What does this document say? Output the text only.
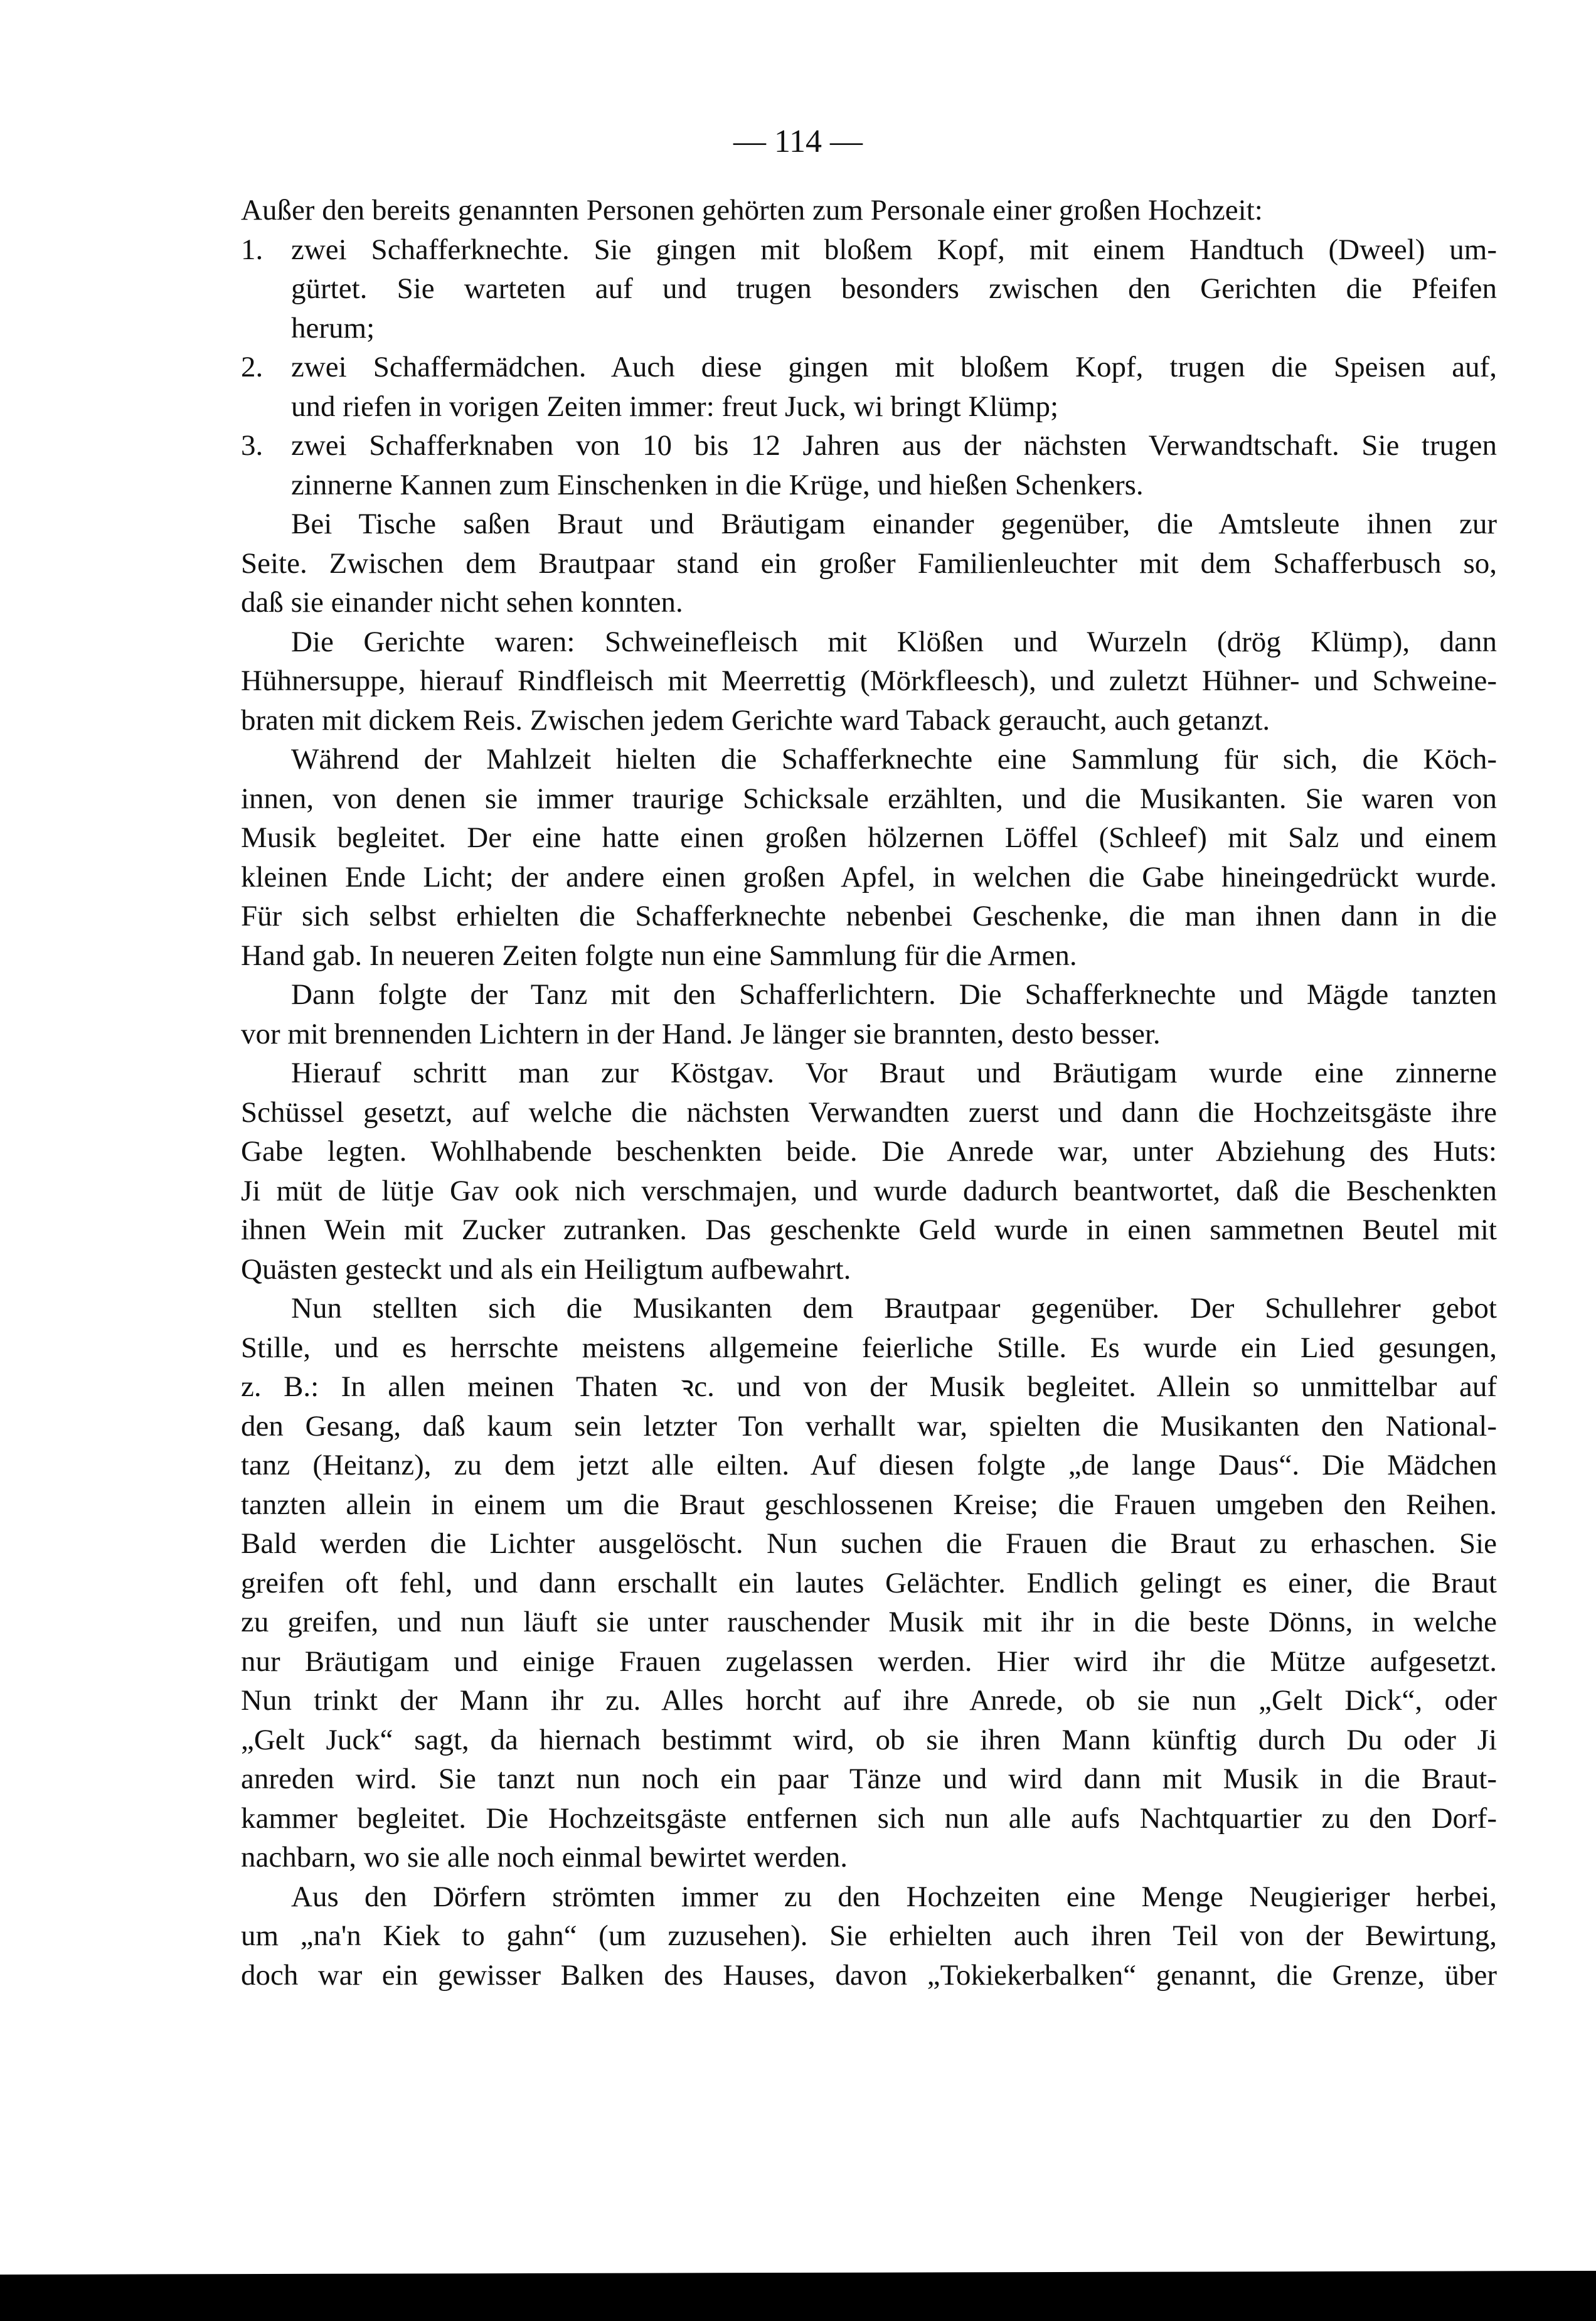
— 114 —
Außer den bereits genannten Personen gehörten zum Personale einer großen Hochzeit:
1. zwei Schafferknechte. Sie gingen mit bloßem Kopf, mit einem Handtuch (Dweel) um-
gürtet. Sie warteten auf und trugen besonders zwischen den Gerichten die Pfeifen
herum;
2. zwei Schaffermädchen. Auch diese gingen mit bloßem Kopf, trugen die Speisen auf,
und riefen in vorigen Zeiten immer: freut Juck, wi bringt Klümp;
3. zwei Schafferknaben von 10 bis 12 Jahren aus der nächsten Verwandtschaft. Sie trugen
zinnerne Kannen zum Einschenken in die Krüge, und hießen Schenkers.
Bei Tische saßen Braut und Bräutigam einander gegenüber, die Amtsleute ihnen zur
Seite. Zwischen dem Brautpaar stand ein großer Familienleuchter mit dem Schafferbusch so,
daß sie einander nicht sehen konnten.
Die Gerichte waren: Schweinefleisch mit Klößen und Wurzeln (drög Klümp), dann
Hühnersuppe, hierauf Rindfleisch mit Meerrettig (Mörkfleesch), und zuletzt Hühner- und Schweine-
braten mit dickem Reis. Zwischen jedem Gerichte ward Taback geraucht, auch getanzt.
Während der Mahlzeit hielten die Schafferknechte eine Sammlung für sich, die Köch-
innen, von denen sie immer traurige Schicksale erzählten, und die Musikanten. Sie waren von
Musik begleitet. Der eine hatte einen großen hölzernen Löffel (Schleef) mit Salz und einem
kleinen Ende Licht; der andere einen großen Apfel, in welchen die Gabe hineingedrückt wurde.
Für sich selbst erhielten die Schafferknechte nebenbei Geschenke, die man ihnen dann in die
Hand gab. In neueren Zeiten folgte nun eine Sammlung für die Armen.
Dann folgte der Tanz mit den Schafferlichtern. Die Schafferknechte und Mägde tanzten
vor mit brennenden Lichtern in der Hand. Je länger sie brannten, desto besser.
Hierauf schritt man zur Köstgav. Vor Braut und Bräutigam wurde eine zinnerne
Schüssel gesetzt, auf welche die nächsten Verwandten zuerst und dann die Hochzeitsgäste ihre
Gabe legten. Wohlhabende beschenkten beide. Die Anrede war, unter Abziehung des Huts:
Ji müt de lütje Gav ook nich verschmajen, und wurde dadurch beantwortet, daß die Beschenkten
ihnen Wein mit Zucker zutranken. Das geschenkte Geld wurde in einen sammetnen Beutel mit
Quästen gesteckt und als ein Heiligtum aufbewahrt.
Nun stellten sich die Musikanten dem Brautpaar gegenüber. Der Schullehrer gebot
Stille, und es herrschte meistens allgemeine feierliche Stille. Es wurde ein Lied gesungen,
z. B.: In allen meinen Thaten ꝛc. und von der Musik begleitet. Allein so unmittelbar auf
den Gesang, daß kaum sein letzter Ton verhallt war, spielten die Musikanten den National-
tanz (Heitanz), zu dem jetzt alle eilten. Auf diesen folgte „de lange Daus“. Die Mädchen
tanzten allein in einem um die Braut geschlossenen Kreise; die Frauen umgeben den Reihen.
Bald werden die Lichter ausgelöscht. Nun suchen die Frauen die Braut zu erhaschen. Sie
greifen oft fehl, und dann erschallt ein lautes Gelächter. Endlich gelingt es einer, die Braut
zu greifen, und nun läuft sie unter rauschender Musik mit ihr in die beste Dönns, in welche
nur Bräutigam und einige Frauen zugelassen werden. Hier wird ihr die Mütze aufgesetzt.
Nun trinkt der Mann ihr zu. Alles horcht auf ihre Anrede, ob sie nun „Gelt Dick“, oder
„Gelt Juck“ sagt, da hiernach bestimmt wird, ob sie ihren Mann künftig durch Du oder Ji
anreden wird. Sie tanzt nun noch ein paar Tänze und wird dann mit Musik in die Braut-
kammer begleitet. Die Hochzeitsgäste entfernen sich nun alle aufs Nachtquartier zu den Dorf-
nachbarn, wo sie alle noch einmal bewirtet werden.
Aus den Dörfern strömten immer zu den Hochzeiten eine Menge Neugieriger herbei,
um „na'n Kiek to gahn“ (um zuzusehen). Sie erhielten auch ihren Teil von der Bewirtung,
doch war ein gewisser Balken des Hauses, davon „Tokiekerbalken“ genannt, die Grenze, über
